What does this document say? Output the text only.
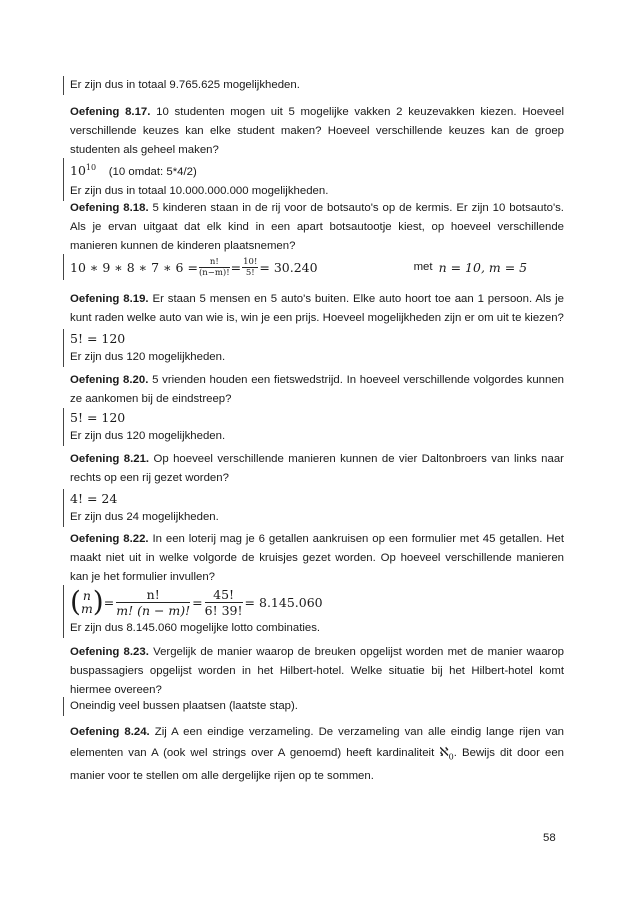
Er zijn dus in totaal 9.765.625 mogelijkheden.

Oefening 8.17. 10 studenten mogen uit 5 mogelijke vakken 2 keuzevakken kiezen. Hoeveel verschillende keuzes kan elke student maken? Hoeveel verschillende keuzes kan de groep studenten als geheel maken?

$10^{10}$ (10 omdat: 5*4/2)

Er zijn dus in totaal 10.000.000.000 mogelijkheden.

Oefening 8.18. 5 kinderen staan in de rij voor de botsauto's op de kermis. Er zijn 10 botsauto's. Als je ervan uitgaat dat elk kind in een apart botsautootje kiest, op hoeveel verschillende manieren kunnen de kinderen plaatsnemen?

10 ∗ 9 ∗ 8 ∗ 7 ∗ $6 = \frac{n!}{(n-m)!} = \frac{10!}{5!} = 30.240$	met n = 10, m = 5

Oefening 8.19. Er staan 5 mensen en 5 auto's buiten. Elke auto hoort toe aan 1 persoon. Als je kunt raden welke auto van wie is, win je een prijs. Hoeveel mogelijkheden zijn er om uit te kiezen?

5! = 120

Er zijn dus 120 mogelijkheden.

Oefening 8.20. 5 vrienden houden een fietswedstrijd. In hoeveel verschillende volgordes kunnen ze aankomen bij de eindstreep?

5! = 120

Er zijn dus 120 mogelijkheden.

Oefening 8.21. Op hoeveel verschillende manieren kunnen de vier Daltonbroers van links naar rechts op een rij gezet worden?

4! = 24

Er zijn dus 24 mogelijkheden.

Oefening 8.22. In een loterij mag je 6 getallen aankruisen op een formulier met 45 getallen. Het maakt niet uit in welke volgorde de kruisjes gezet worden. Op hoeveel verschillende manieren kan je het formulier invullen?

( n
m ) = $\frac{n!}{m! (n - m)!} = \frac{45!}{6! 39!} = 8.145.060$

Er zijn dus 8.145.060 mogelijke lotto combinaties.

Oefening 8.23. Vergelijk de manier waarop de breuken opgelijst worden met de manier waarop buspassagiers opgelijst worden in het Hilbert-hotel. Welke situatie bij het Hilbert-hotel komt hiermee overeen?

Oneindig veel bussen plaatsen (laatste stap).

Oefening 8.24. Zij A een eindige verzameling. De verzameling van alle eindig lange rijen van elementen van A (ook wel strings over A genoemd) heeft kardinaliteit ℵ$_0$. Bewijs dit door een manier voor te stellen om alle dergelijke rijen op te sommen.

58
